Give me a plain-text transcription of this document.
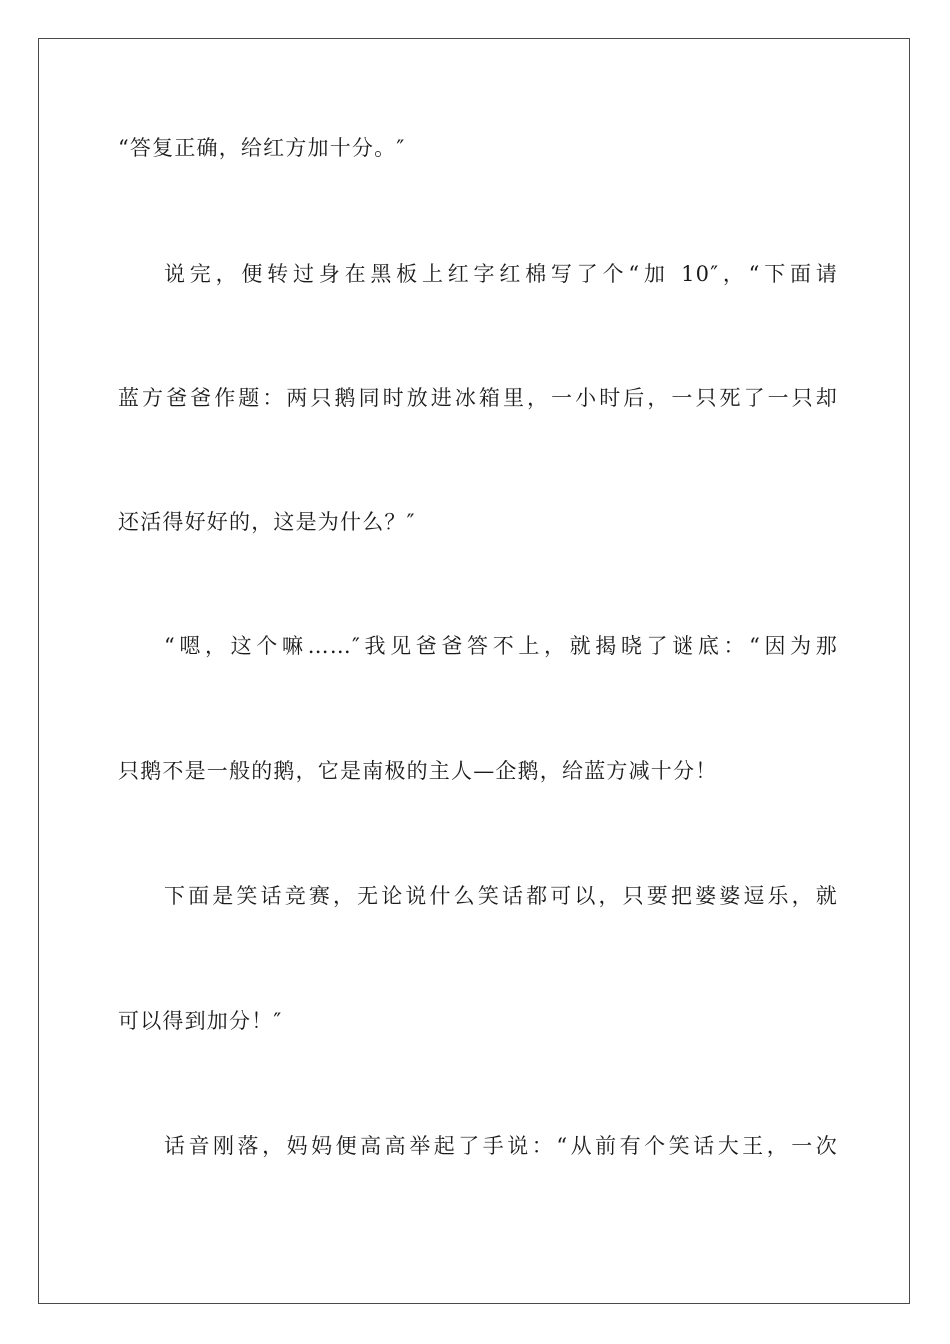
“答复正确，给红方加十分。″

说完，便转过身在黑板上红字红棉写了个“加 10″，“下面请

蓝方爸爸作题：两只鹅同时放进冰箱里，一小时后，一只死了一只却

还活得好好的，这是为什么？″

“嗯，这个嘛……″我见爸爸答不上，就揭晓了谜底：“因为那

只鹅不是一般的鹅，它是南极的主人—企鹅，给蓝方减十分！

下面是笑话竞赛，无论说什么笑话都可以，只要把婆婆逗乐，就

可以得到加分！″

话音刚落，妈妈便高高举起了手说：“从前有个笑话大王，一次
